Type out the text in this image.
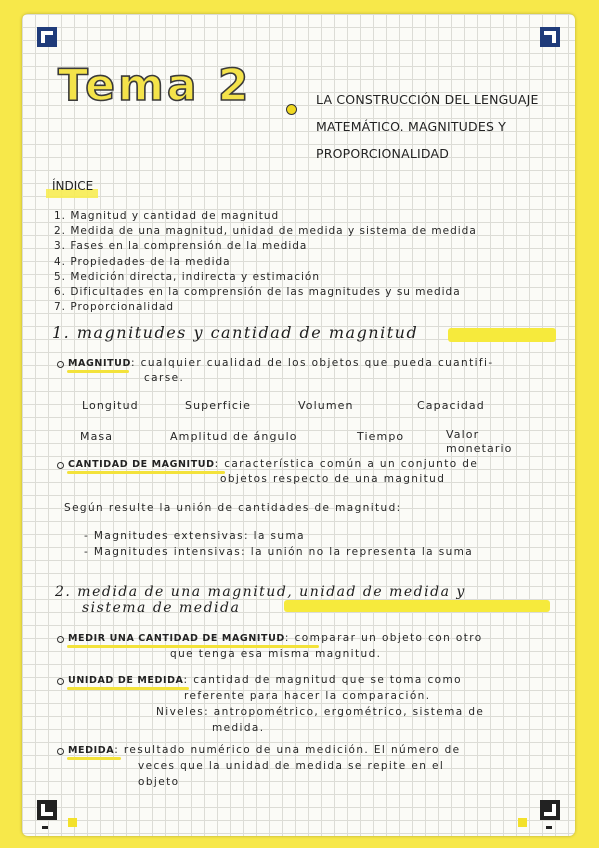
Tema 2	LA CONSTRUCCIÓN DEL LENGUAJE
MATEMÁTICO. MAGNITUDES Y
PROPORCIONALIDAD
ÍNDICE
1. Magnitud y cantidad de magnitud
2. Medida de una magnitud, unidad de medida y sistema de medida
3. Fases en la comprensión de la medida
4. Propiedades de la medida
5. Medición directa, indirecta y estimación
6. Dificultades en la comprensión de las magnitudes y su medida
7. Proporcionalidad
1. magnitudes y cantidad de magnitud
MAGNITUD: cualquier cualidad de los objetos que pueda cuantifi-
carse.
Longitud	Superficie	Volumen	Capacidad
Masa	Amplitud de ángulo	Tiempo	Valor monetario
CANTIDAD DE MAGNITUD: característica común a un conjunto de
objetos respecto de una magnitud
Según resulte la unión de cantidades de magnitud:
- Magnitudes extensivas: la suma
- Magnitudes intensivas: la unión no la representa la suma
2. medida de una magnitud, unidad de medida y
sistema de medida
MEDIR UNA CANTIDAD DE MAGNITUD: comparar un objeto con otro
que tenga esa misma magnitud.
UNIDAD DE MEDIDA: cantidad de magnitud que se toma como
referente para hacer la comparación.
Niveles: antropométrico, ergométrico, sistema de
medida.
MEDIDA: resultado numérico de una medición. El número de
veces que la unidad de medida se repite en el
objeto
